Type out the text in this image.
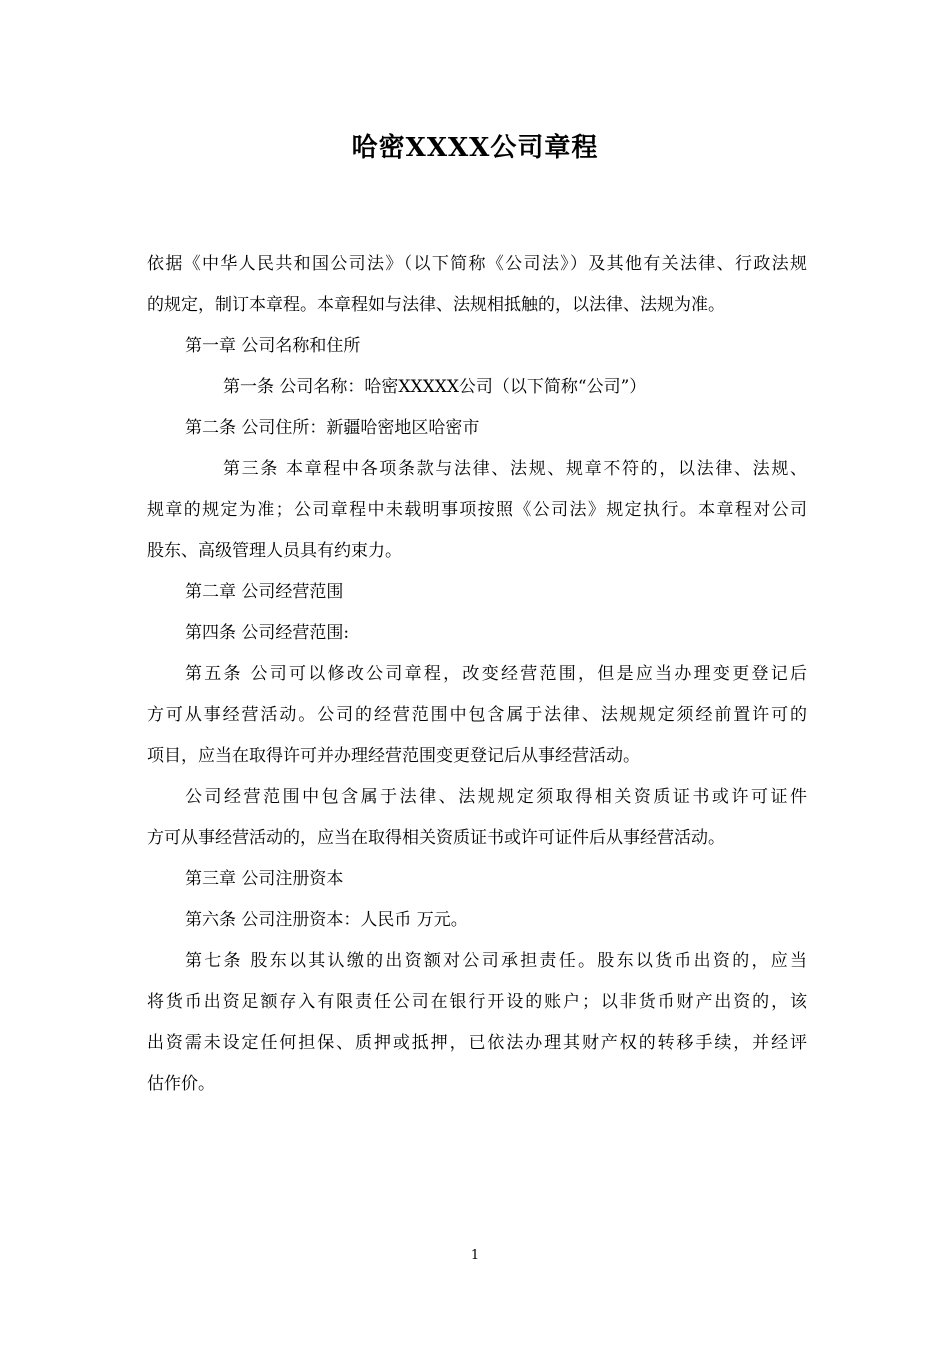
哈密XXXX公司章程
依据《中华人民共和国公司法》（以下简称《公司法》）及其他有关法律、行政法规
的规定，制订本章程。本章程如与法律、法规相抵触的，以法律、法规为准。
第一章 公司名称和住所
第一条 公司名称：哈密XXXXX公司（以下简称“公司”）
第二条 公司住所：新疆哈密地区哈密市
第三条 本章程中各项条款与法律、法规、规章不符的，以法律、法规、
规章的规定为准；公司章程中未载明事项按照《公司法》规定执行。本章程对公司
股东、高级管理人员具有约束力。
第二章 公司经营范围
第四条 公司经营范围:
第五条 公司可以修改公司章程，改变经营范围，但是应当办理变更登记后
方可从事经营活动。公司的经营范围中包含属于法律、法规规定须经前置许可的
项目，应当在取得许可并办理经营范围变更登记后从事经营活动。
公司经营范围中包含属于法律、法规规定须取得相关资质证书或许可证件
方可从事经营活动的，应当在取得相关资质证书或许可证件后从事经营活动。
第三章 公司注册资本
第六条 公司注册资本：人民币 万元。
第七条 股东以其认缴的出资额对公司承担责任。股东以货币出资的，应当
将货币出资足额存入有限责任公司在银行开设的账户；以非货币财产出资的，该
出资需未设定任何担保、质押或抵押，已依法办理其财产权的转移手续，并经评
估作价。
1
